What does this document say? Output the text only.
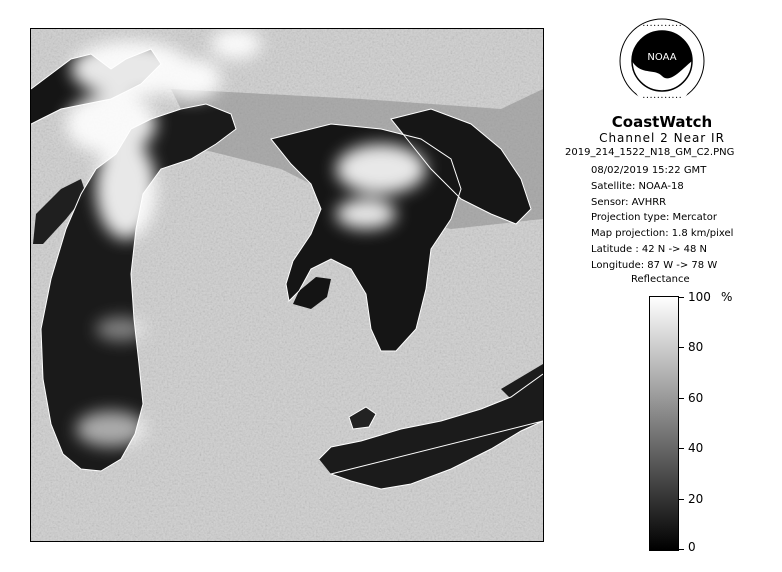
NOAA
• • • • • • • • • • •
• • • • • • • • • • •
CoastWatch
Channel 2 Near IR
2019_214_1522_N18_GM_C2.PNG
08/02/2019 15:22 GMT
Satellite: NOAA-18
Sensor: AVHRR
Projection type: Mercator
Map projection: 1.8 km/pixel
Latitude : 42 N -> 48 N
Longitude: 87 W -> 78 W
Reflectance
%
100
80
60
40
20
0
